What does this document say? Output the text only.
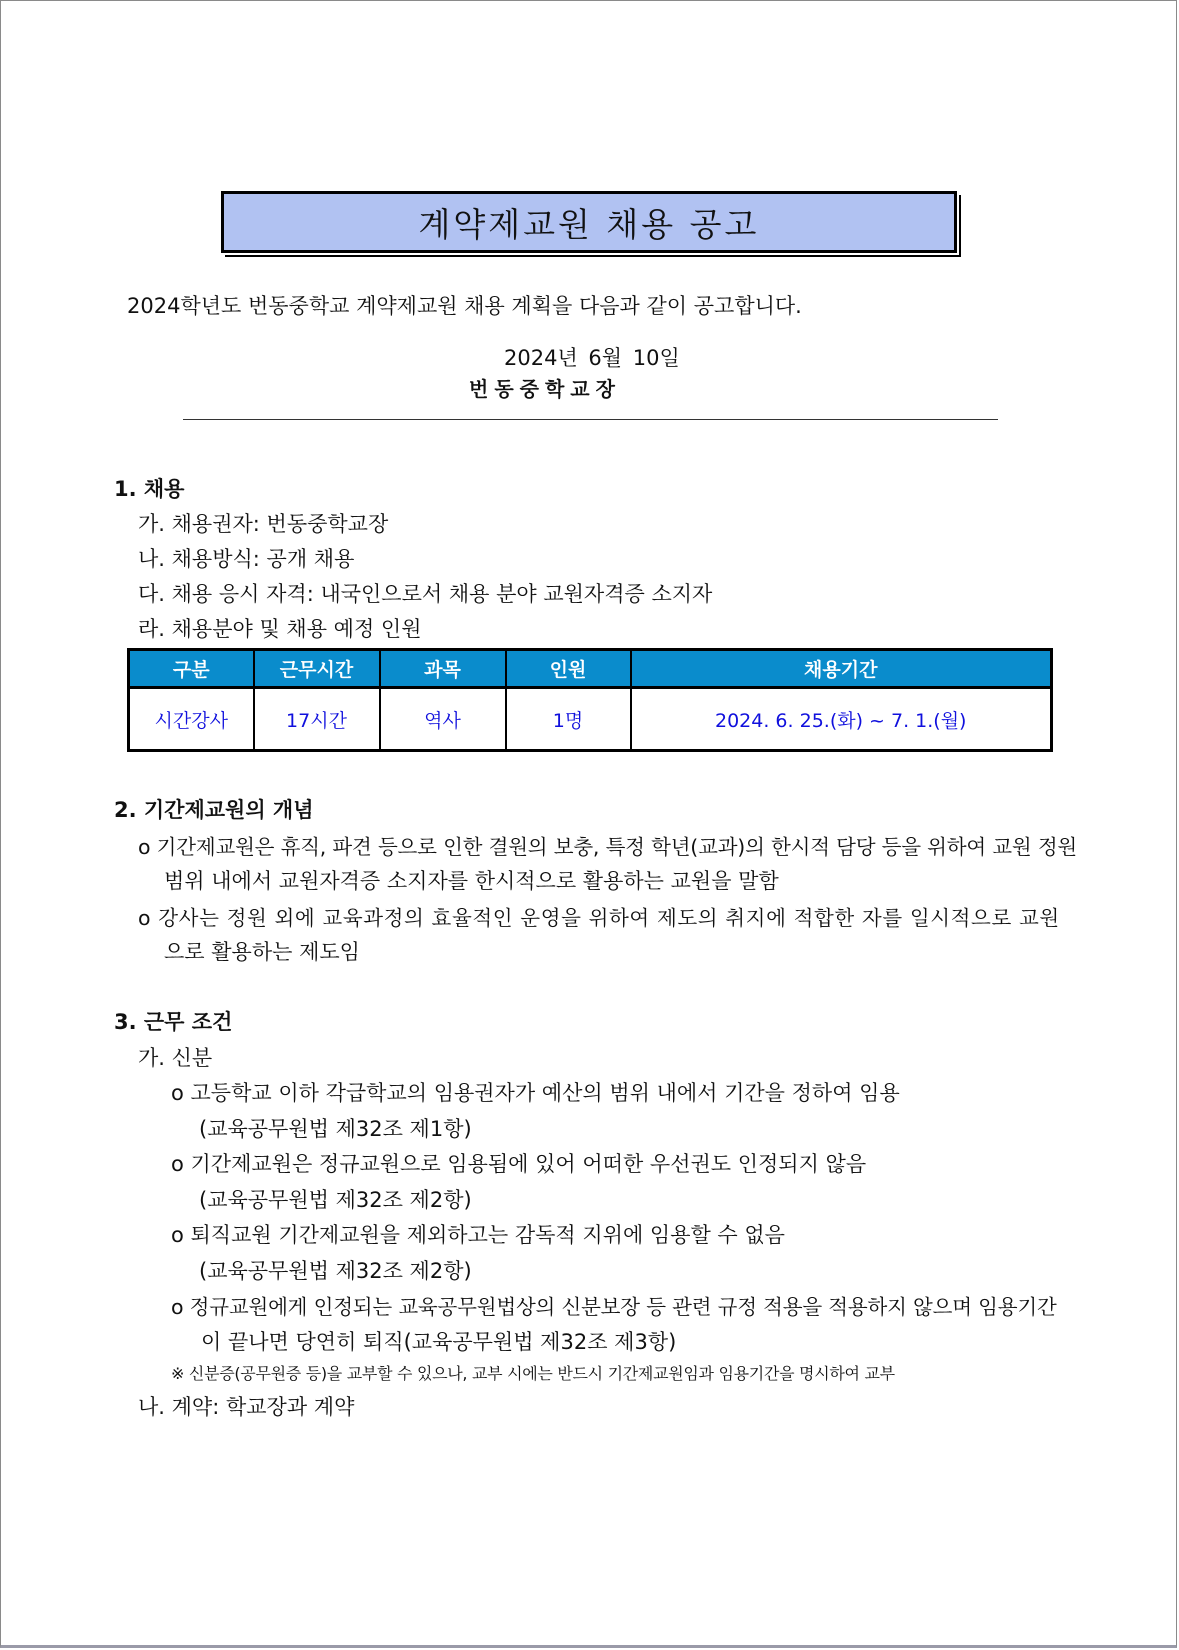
계약제교원 채용 공고
2024학년도 번동중학교 계약제교원 채용 계획을 다음과 같이 공고합니다.
2024년 6월 10일
번동중학교장
1. 채용
가. 채용권자: 번동중학교장
나. 채용방식: 공개 채용
다. 채용 응시 자격: 내국인으로서 채용 분야 교원자격증 소지자
라. 채용분야 및 채용 예정 인원
구분	근무시간	과목	인원	채용기간
시간강사	17시간	역사	1명	2024. 6. 25.(화) ~ 7. 1.(월)
2. 기간제교원의 개념
o 기간제교원은 휴직, 파견 등으로 인한 결원의 보충, 특정 학년(교과)의 한시적 담당 등을 위하여 교원 정원
범위 내에서 교원자격증 소지자를 한시적으로 활용하는 교원을 말함
o 강사는 정원 외에 교육과정의 효율적인 운영을 위하여 제도의 취지에 적합한 자를 일시적으로 교원
으로 활용하는 제도임
3. 근무 조건
가. 신분
o 고등학교 이하 각급학교의 임용권자가 예산의 범위 내에서 기간을 정하여 임용
(교육공무원법 제32조 제1항)
o 기간제교원은 정규교원으로 임용됨에 있어 어떠한 우선권도 인정되지 않음
(교육공무원법 제32조 제2항)
o 퇴직교원 기간제교원을 제외하고는 감독적 지위에 임용할 수 없음
(교육공무원법 제32조 제2항)
o 정규교원에게 인정되는 교육공무원법상의 신분보장 등 관련 규정 적용을 적용하지 않으며 임용기간
이 끝나면 당연히 퇴직(교육공무원법 제32조 제3항)
※ 신분증(공무원증 등)을 교부할 수 있으나, 교부 시에는 반드시 기간제교원임과 임용기간을 명시하여 교부
나. 계약: 학교장과 계약
